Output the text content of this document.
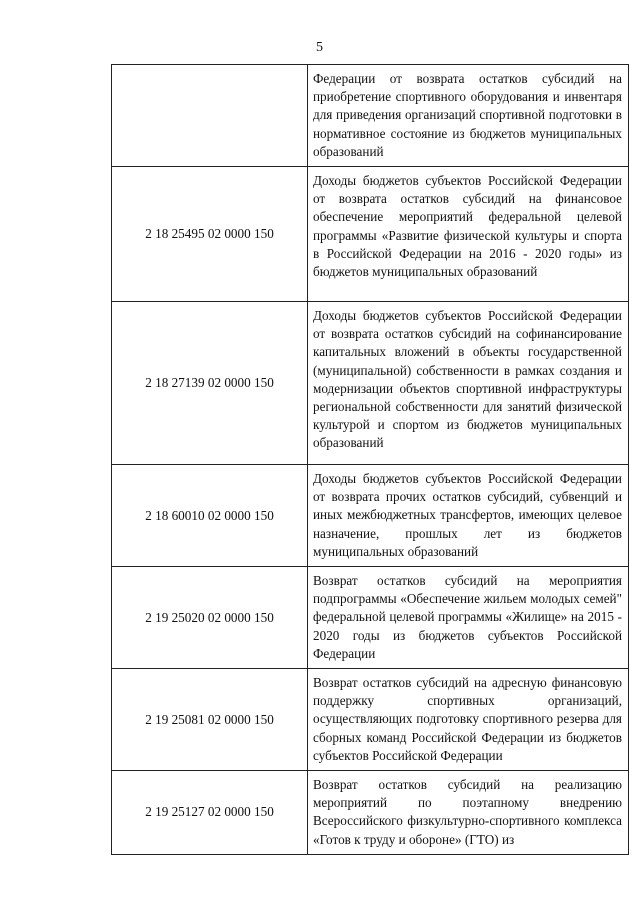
5
	Федерации от возврата остатков субсидий на приобретение спортивного оборудования и инвентаря для приведения организаций спортивной подготовки в нормативное состояние из бюджетов муниципальных образований
2 18 25495 02 0000 150	Доходы бюджетов субъектов Российской Федерации от возврата остатков субсидий на финансовое обеспечение мероприятий федеральной целевой программы «Развитие физической культуры и спорта в Российской Федерации на 2016 - 2020 годы» из бюджетов муниципальных образований
2 18 27139 02 0000 150	Доходы бюджетов субъектов Российской Федерации от возврата остатков субсидий на софинансирование капитальных вложений в объекты государственной (муниципальной) собственности в рамках создания и модернизации объектов спортивной инфраструктуры региональной собственности для занятий физической культурой и спортом из бюджетов муниципальных образований
2 18 60010 02 0000 150	Доходы бюджетов субъектов Российской Федерации от возврата прочих остатков субсидий, субвенций и иных межбюджетных трансфертов, имеющих целевое назначение, прошлых лет из бюджетов муниципальных образований
2 19 25020 02 0000 150	Возврат остатков субсидий на мероприятия подпрограммы «Обеспечение жильем молодых семей" федеральной целевой программы «Жилище» на 2015 - 2020 годы из бюджетов субъектов Российской Федерации
2 19 25081 02 0000 150	Возврат остатков субсидий на адресную финансовую поддержку спортивных организаций, осуществляющих подготовку спортивного резерва для сборных команд Российской Федерации из бюджетов субъектов Российской Федерации
2 19 25127 02 0000 150	Возврат остатков субсидий на реализацию мероприятий по поэтапному внедрению Всероссийского физкультурно-спортивного комплекса «Готов к труду и обороне» (ГТО) из
